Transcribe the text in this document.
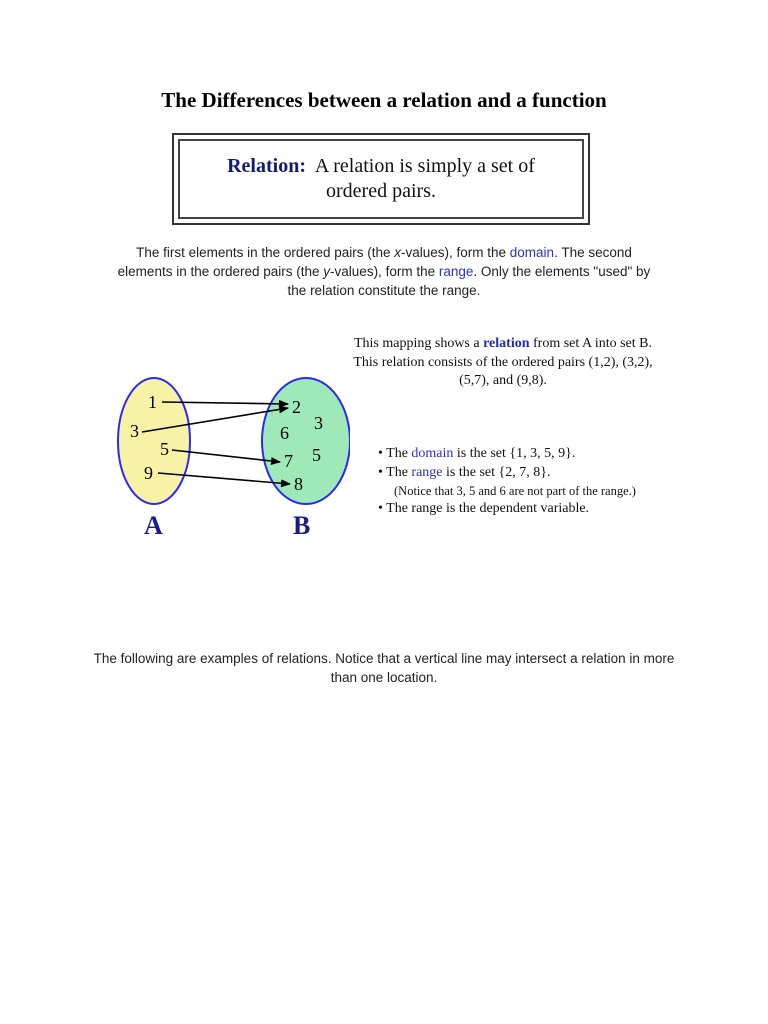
The Differences between a relation and a function
Relation: A relation is simply a set of
ordered pairs.
The first elements in the ordered pairs (the x-values), form the domain. The second elements in the ordered pairs (the y-values), form the range. Only the elements "used" by the relation constitute the range.
1
3
5
9
2
6 3
7 5
8
A	B
This mapping shows a relation from set A into set B.
This relation consists of the ordered pairs (1,2), (3,2), (5,7), and (9,8).

• The domain is the set {1, 3, 5, 9}.

• The range is the set {2, 7, 8}.

(Notice that 3, 5 and 6 are not part of the range.)

• The range is the dependent variable.

The following are examples of relations. Notice that a vertical line may intersect a relation in more than one location.
